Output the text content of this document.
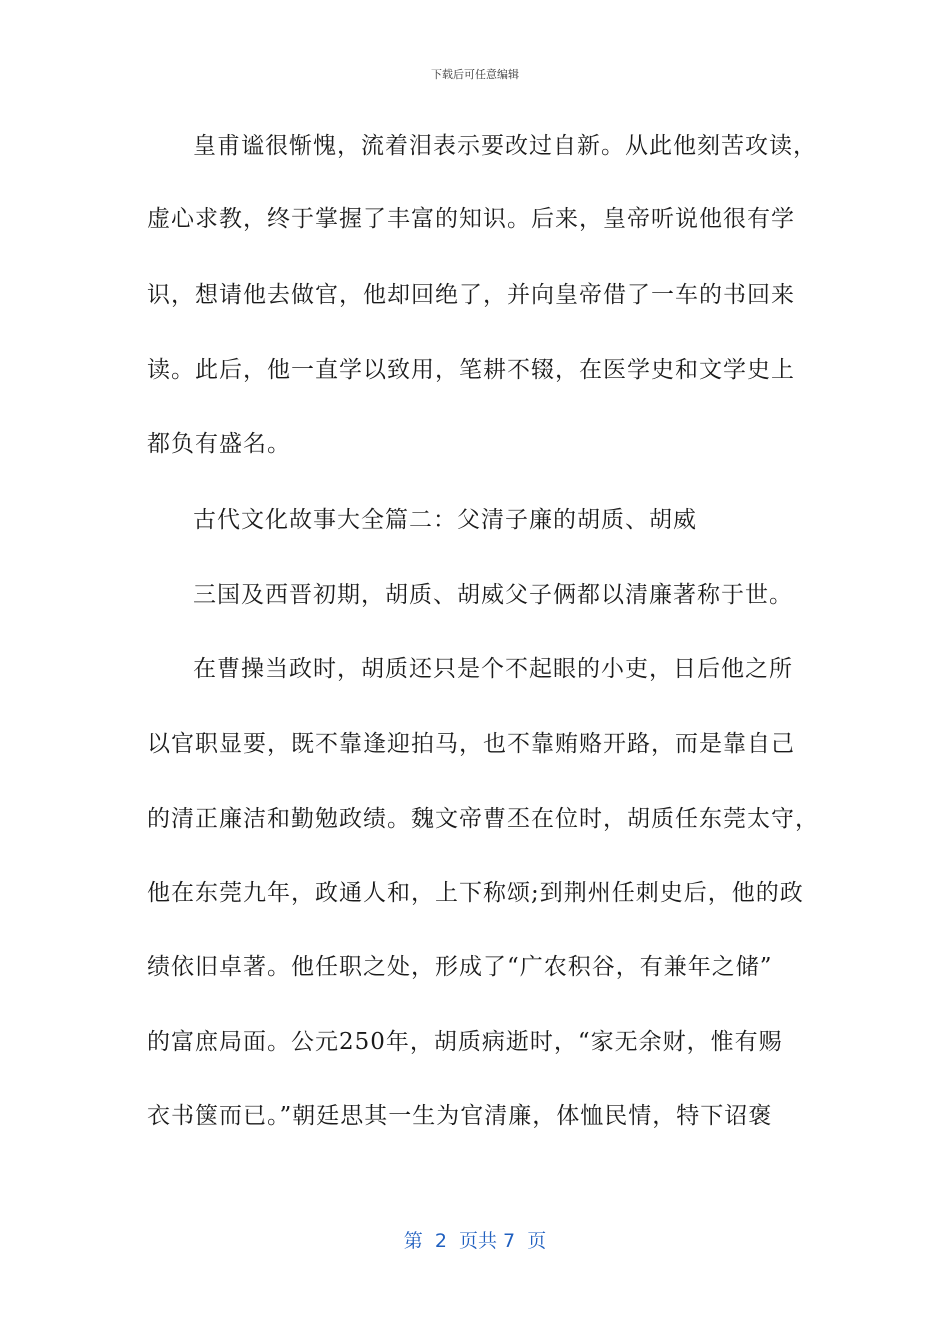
下载后可任意编辑
皇甫谧很惭愧，流着泪表示要改过自新。从此他刻苦攻读，
虚心求教，终于掌握了丰富的知识。后来，皇帝听说他很有学
识，想请他去做官，他却回绝了，并向皇帝借了一车的书回来
读。此后，他一直学以致用，笔耕不辍，在医学史和文学史上
都负有盛名。
古代文化故事大全篇二：父清子廉的胡质、胡威
三国及西晋初期，胡质、胡威父子俩都以清廉著称于世。
在曹操当政时，胡质还只是个不起眼的小吏，日后他之所
以官职显要，既不靠逢迎拍马，也不靠贿赂开路，而是靠自己
的清正廉洁和勤勉政绩。魏文帝曹丕在位时，胡质任东莞太守，
他在东莞九年，政通人和，上下称颂;到荆州任刺史后，他的政
绩依旧卓著。他任职之处，形成了“广农积谷，有兼年之储”
的富庶局面。公元250年，胡质病逝时，“家无余财，惟有赐
衣书箧而已。”朝廷思其一生为官清廉，体恤民情，特下诏褒
第  2  页共 7  页
